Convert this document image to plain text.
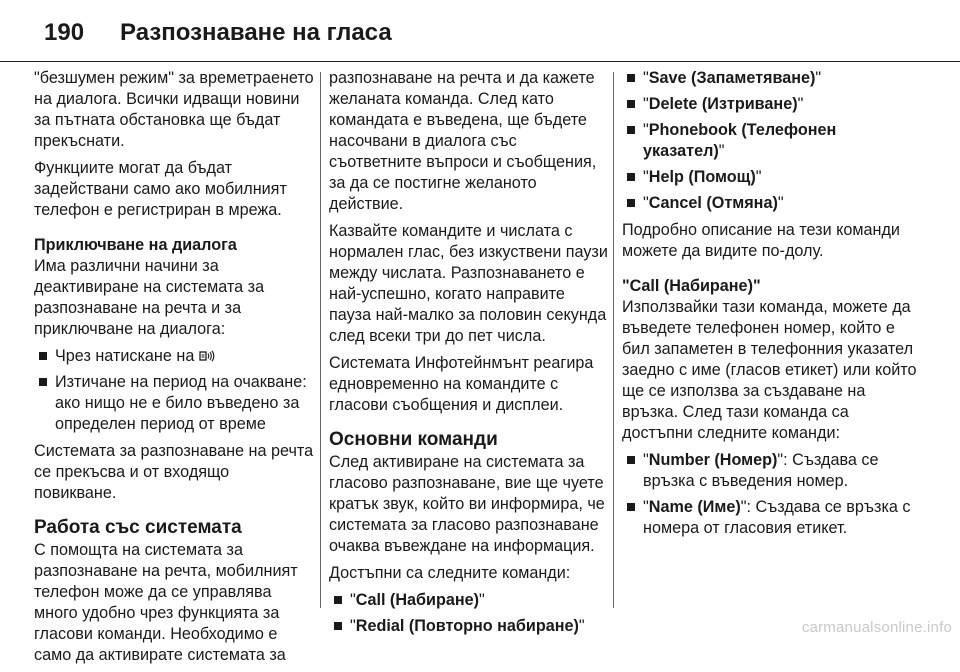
190	Разпознаване на гласа

"безшумен режим" за времетраенето на диалога. Всички идващи новини за пътната обстановка ще бъдат прекъснати.

Функциите могат да бъдат задействани само ако мобилният телефон е регистриран в мрежа.

Приключване на диалога

Има различни начини за деактивиране на системата за разпознаване на речта и за приключване на диалога:

Чрез натискане на
Изтичане на период на очакване: ако нищо не е било въведено за определен период от време

Системата за разпознаване на речта се прекъсва и от входящо повикване.

Работа със системата

С помощта на системата за разпознаване на речта, мобилният телефон може да се управлява много удобно чрез функцията за гласови команди. Необходимо е само да активирате системата за

разпознаване на речта и да кажете желаната команда. След като командата е въведена, ще бъдете насочвани в диалога със съответните въпроси и съобщения, за да се постигне желаното действие.

Казвайте командите и числата с нормален глас, без изкуствени паузи между числата. Разпознаването е най-успешно, когато направите пауза най-малко за половин секунда след всеки три до пет числа.

Системата Инфотейнмънт реагира едновременно на командите с гласови съобщения и дисплеи.

Основни команди

След активиране на системата за гласово разпознаване, вие ще чуете кратък звук, който ви информира, че системата за гласово разпознаване очаква въвеждане на информация.

Достъпни са следните команди:

"Call (Набиране)"
"Redial (Повторно набиране)"
"Save (Запаметяване)"
"Delete (Изтриване)"
"Phonebook (Телефонен указател)"
"Help (Помощ)"
"Cancel (Отмяна)"

Подробно описание на тези команди можете да видите по-долу.

"Call (Набиране)"

Използвайки тази команда, можете да въведете телефонен номер, който е бил запаметен в телефонния указател заедно с име (гласов етикет) или който ще се използва за създаване на връзка. След тази команда са достъпни следните команди:

"Number (Номер)": Създава се връзка с въведения номер.
"Name (Име)": Създава се връзка с номера от гласовия етикет.
carmanualsonline.info
